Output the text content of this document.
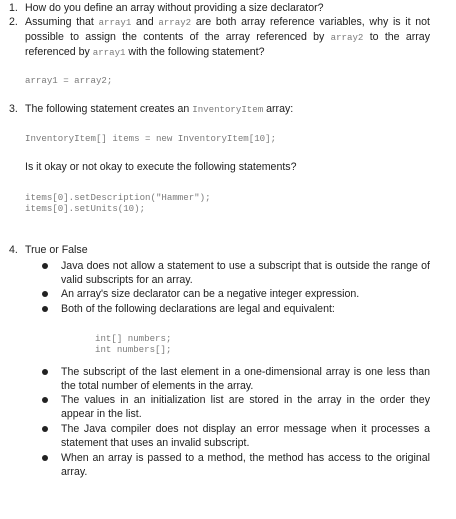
1. How do you define an array without providing a size declarator?
2. Assuming that array1 and array2 are both array reference variables, why is it not possible to assign the contents of the array referenced by array2 to the array referenced by array1 with the following statement?
array1 = array2;
3. The following statement creates an InventoryItem array:
InventoryItem[] items = new InventoryItem[10];
Is it okay or not okay to execute the following statements?
items[0].setDescription("Hammer");
items[0].setUnits(10);
4. True or False
Java does not allow a statement to use a subscript that is outside the range of valid subscripts for an array.
An array's size declarator can be a negative integer expression.
Both of the following declarations are legal and equivalent:
int[] numbers;
int numbers[];
The subscript of the last element in a one-dimensional array is one less than the total number of elements in the array.
The values in an initialization list are stored in the array in the order they appear in the list.
The Java compiler does not display an error message when it processes a statement that uses an invalid subscript.
When an array is passed to a method, the method has access to the original array.
